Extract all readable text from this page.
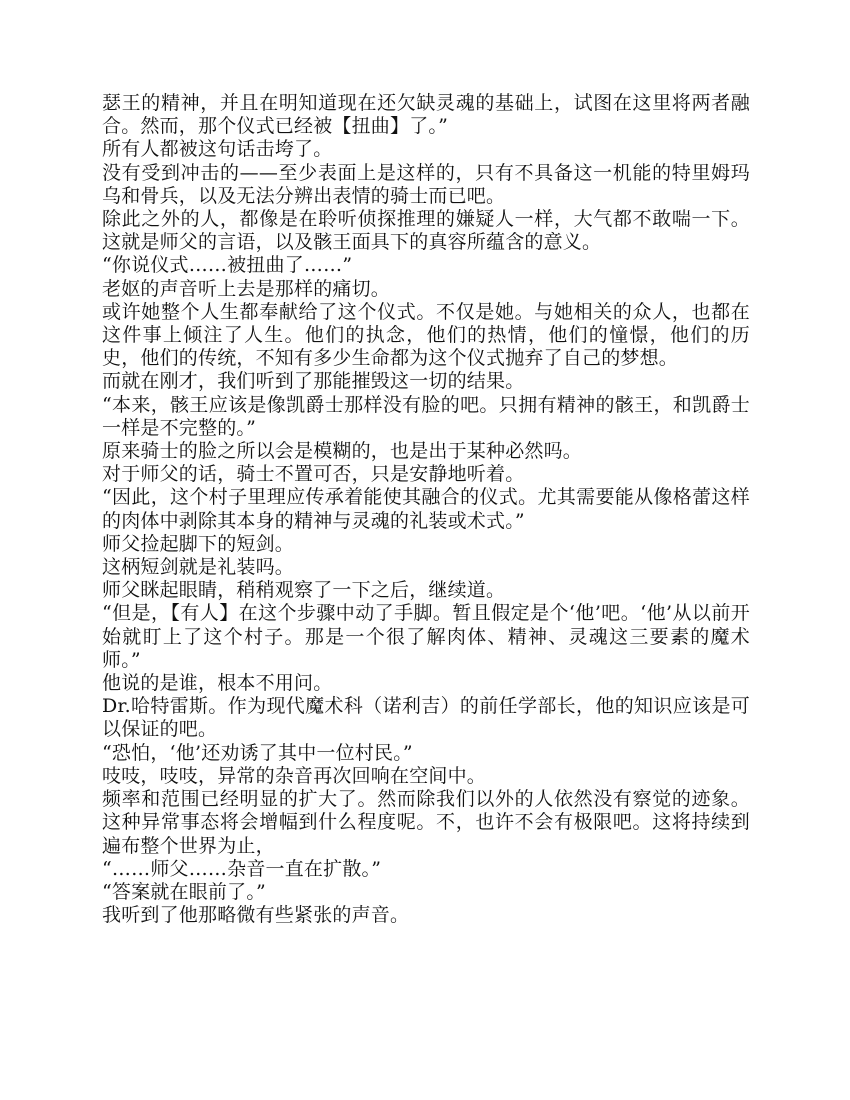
瑟王的精神，并且在明知道现在还欠缺灵魂的基础上，试图在这里将两者融合。然而，那个仪式已经被【扭曲】了。”

所有人都被这句话击垮了。

没有受到冲击的——至少表面上是这样的，只有不具备这一机能的特里姆玛乌和骨兵，以及无法分辨出表情的骑士而已吧。

除此之外的人，都像是在聆听侦探推理的嫌疑人一样，大气都不敢喘一下。这就是师父的言语，以及骸王面具下的真容所蕴含的意义。

“你说仪式……被扭曲了……”

老妪的声音听上去是那样的痛切。

或许她整个人生都奉献给了这个仪式。不仅是她。与她相关的众人，也都在这件事上倾注了人生。他们的执念，他们的热情，他们的憧憬，他们的历史，他们的传统，不知有多少生命都为这个仪式抛弃了自己的梦想。

而就在刚才，我们听到了那能摧毁这一切的结果。

“本来，骸王应该是像凯爵士那样没有脸的吧。只拥有精神的骸王，和凯爵士一样是不完整的。”

原来骑士的脸之所以会是模糊的，也是出于某种必然吗。

对于师父的话，骑士不置可否，只是安静地听着。

“因此，这个村子里理应传承着能使其融合的仪式。尤其需要能从像格蕾这样的肉体中剥除其本身的精神与灵魂的礼装或术式。”

师父捡起脚下的短剑。

这柄短剑就是礼装吗。

师父眯起眼睛，稍稍观察了一下之后，继续道。

“但是，【有人】在这个步骤中动了手脚。暂且假定是个‘他’吧。‘他’从以前开始就盯上了这个村子。那是一个很了解肉体、精神、灵魂这三要素的魔术师。”

他说的是谁，根本不用问。

Dr.哈特雷斯。作为现代魔术科（诺利吉）的前任学部长，他的知识应该是可以保证的吧。

“恐怕，‘他’还劝诱了其中一位村民。”

吱吱，吱吱，异常的杂音再次回响在空间中。

频率和范围已经明显的扩大了。然而除我们以外的人依然没有察觉的迹象。这种异常事态将会增幅到什么程度呢。不，也许不会有极限吧。这将持续到遍布整个世界为止，

“……师父……杂音一直在扩散。”

“答案就在眼前了。”

我听到了他那略微有些紧张的声音。
